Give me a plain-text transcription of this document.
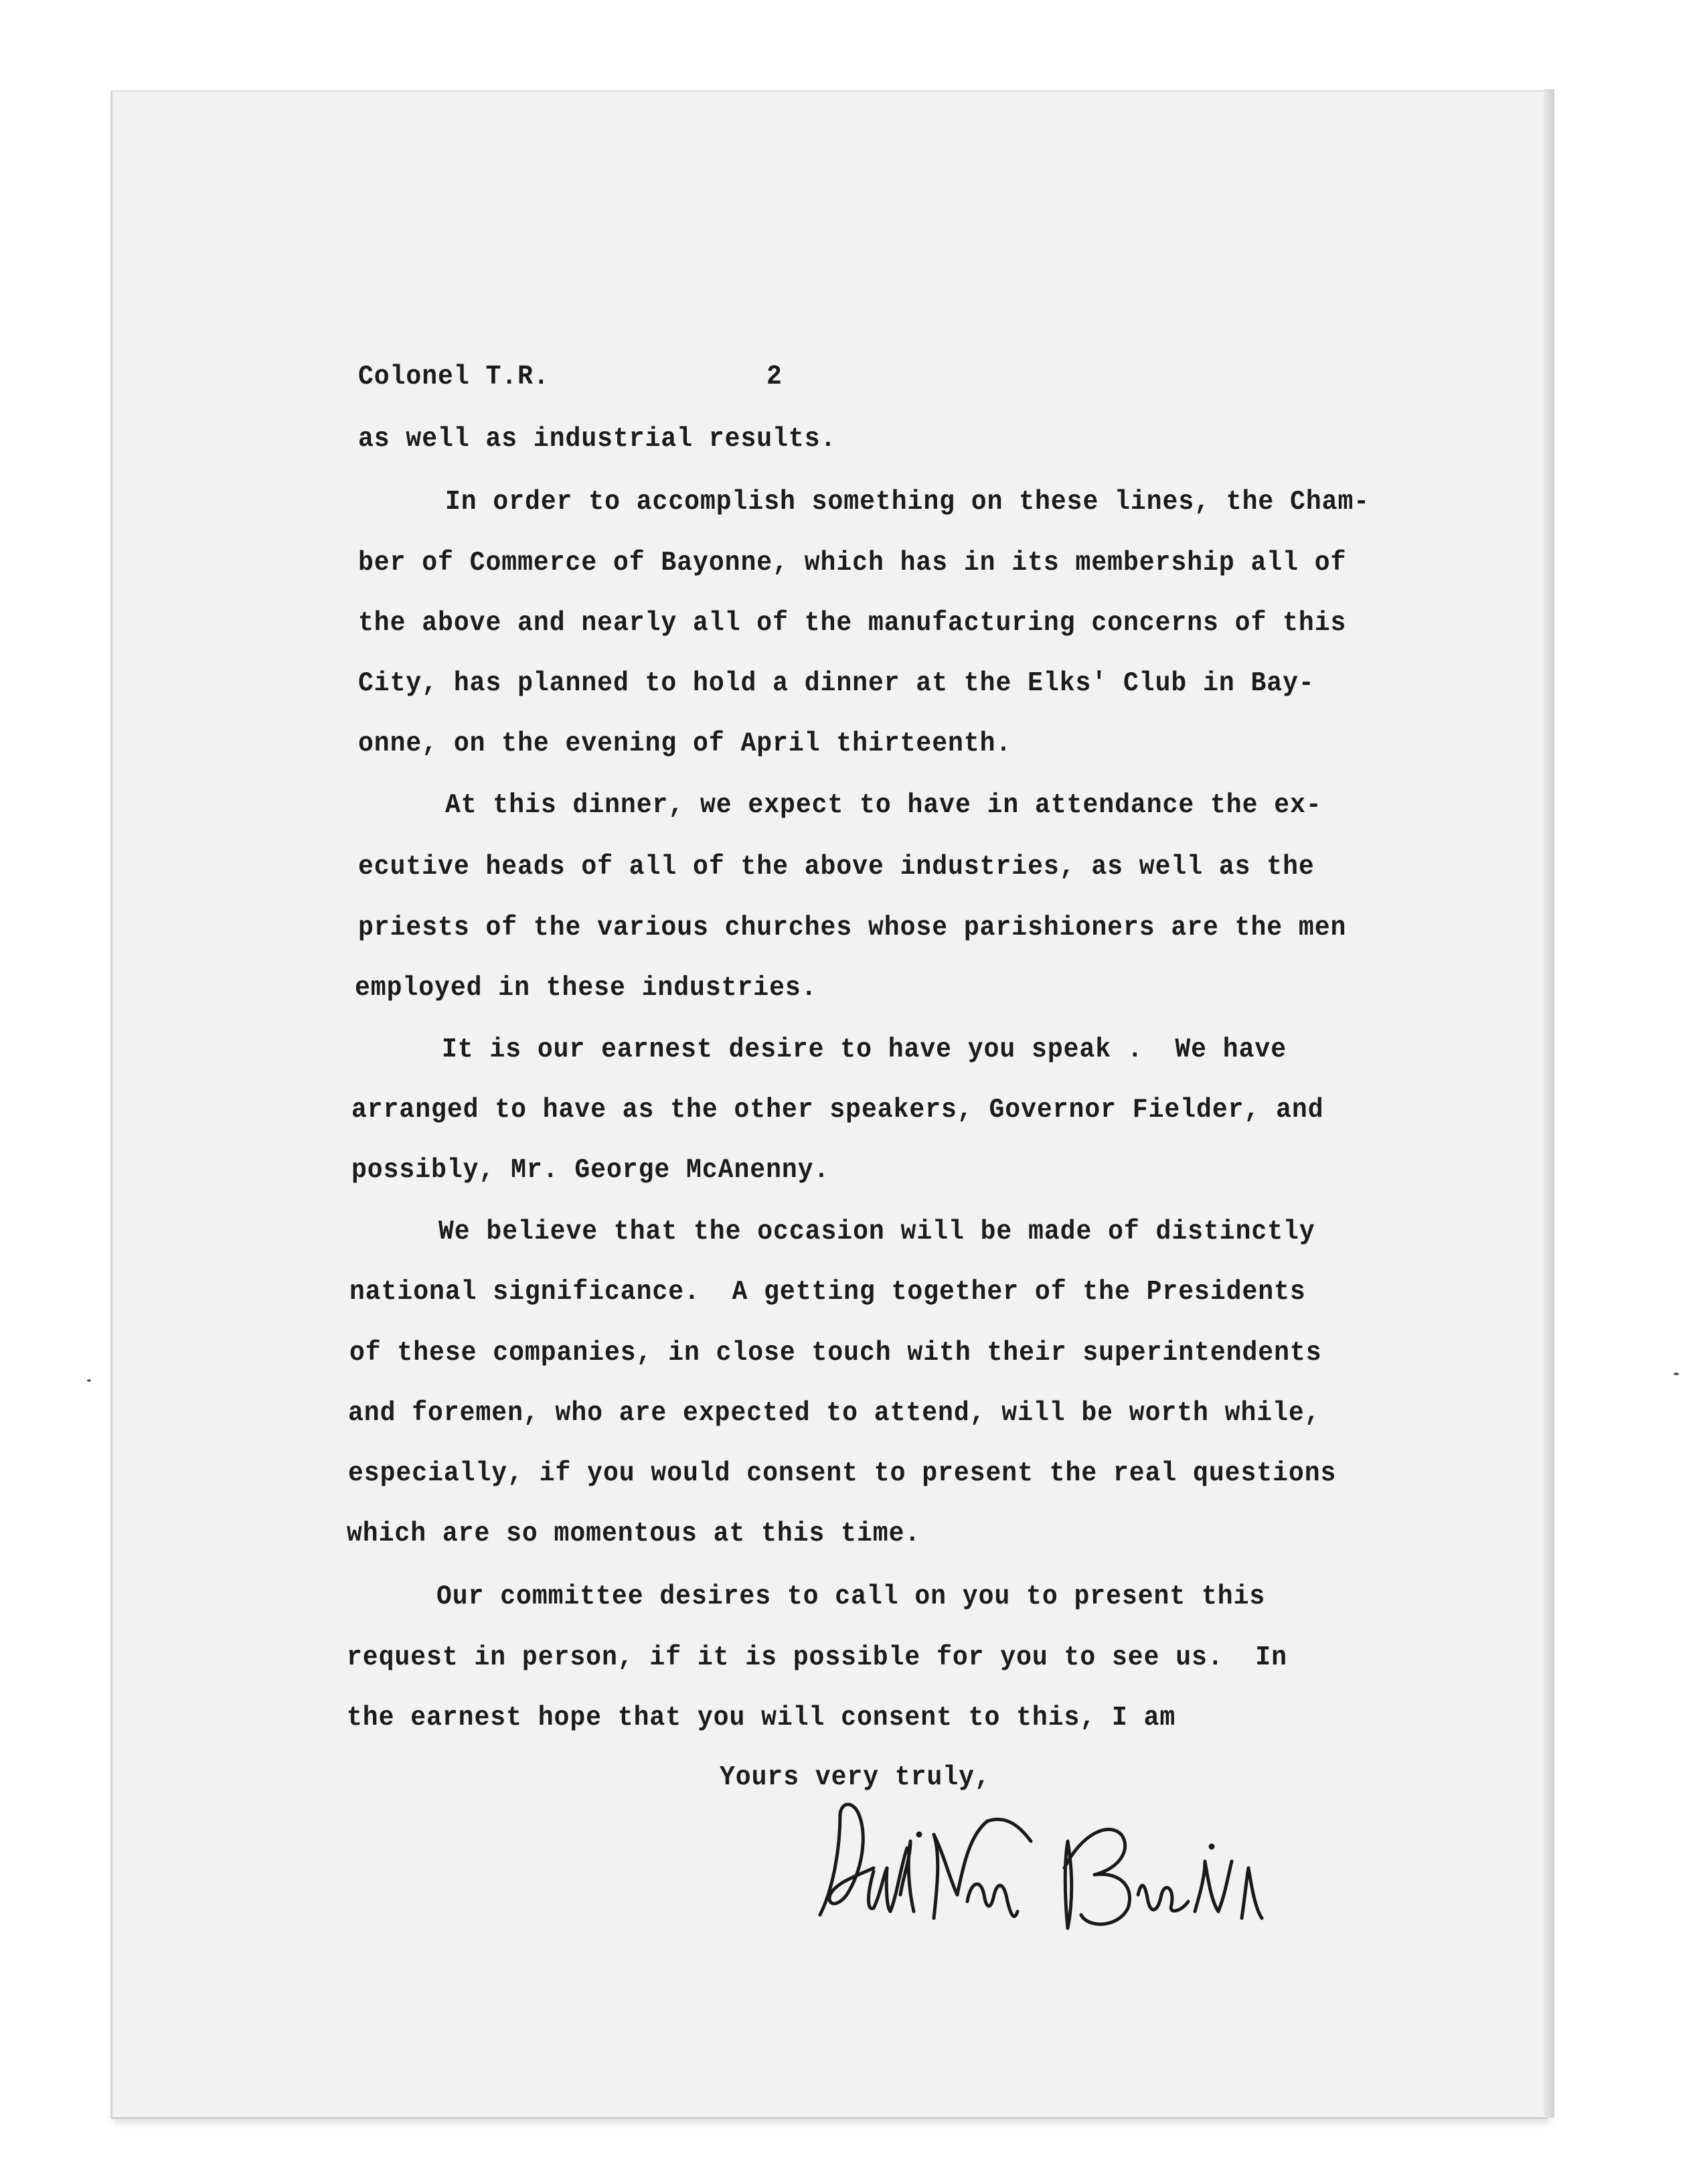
Colonel T.R.	2
as well as industrial results.
In order to accomplish something on these lines, the Cham-
ber of Commerce of Bayonne, which has in its membership all of
the above and nearly all of the manufacturing concerns of this
City, has planned to hold a dinner at the Elks' Club in Bay-
onne, on the evening of April thirteenth.
At this dinner, we expect to have in attendance the ex-
ecutive heads of all of the above industries, as well as the
priests of the various churches whose parishioners are the men
employed in these industries.
It is our earnest desire to have you speak .  We have
arranged to have as the other speakers, Governor Fielder, and
possibly, Mr. George McAnenny.
We believe that the occasion will be made of distinctly
national significance.  A getting together of the Presidents
of these companies, in close touch with their superintendents
and foremen, who are expected to attend, will be worth while,
especially, if you would consent to present the real questions
which are so momentous at this time.
Our committee desires to call on you to present this
request in person, if it is possible for you to see us.  In
the earnest hope that you will consent to this, I am
Yours very truly,
